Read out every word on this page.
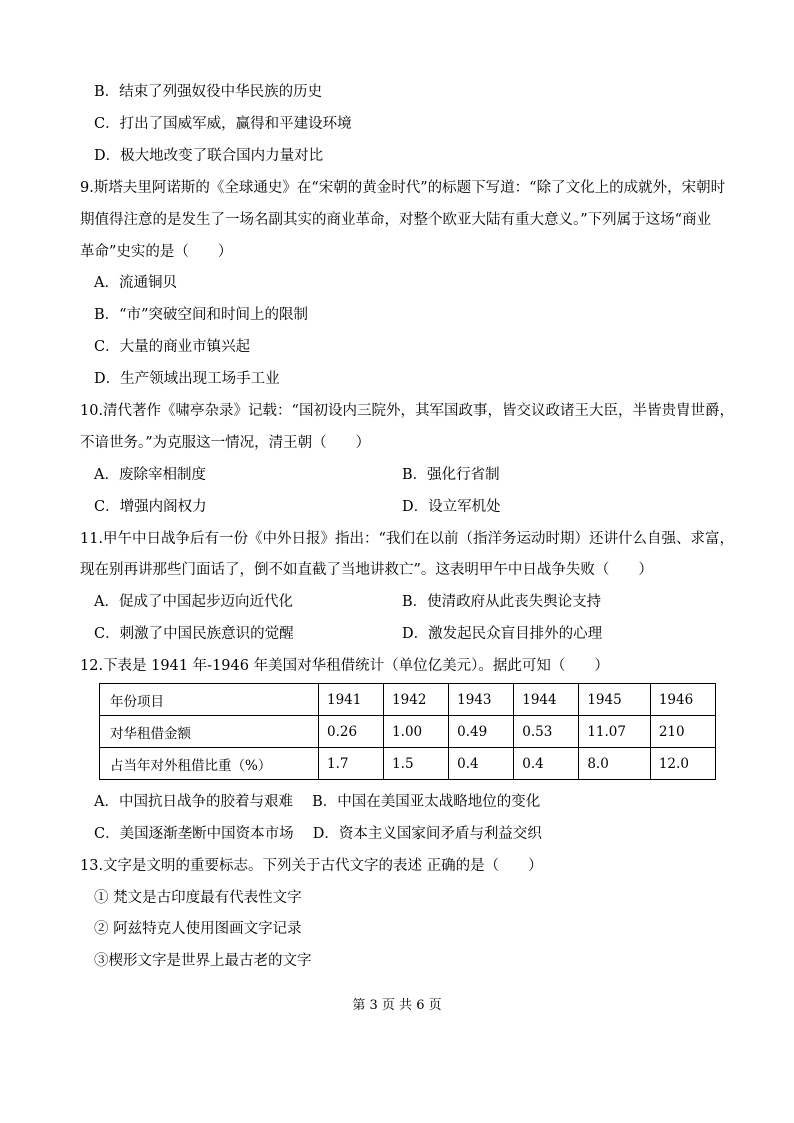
B．结束了列强奴役中华民族的历史
C．打出了国威军威，赢得和平建设环境
D．极大地改变了联合国内力量对比
9.斯塔夫里阿诺斯的《全球通史》在“宋朝的黄金时代”的标题下写道：“除了文化上的成就外，宋朝时
期值得注意的是发生了一场名副其实的商业革命，对整个欧亚大陆有重大意义。”下列属于这场“商业
革命”史实的是（　　）
A．流通铜贝
B．“市”突破空间和时间上的限制
C．大量的商业市镇兴起
D．生产领域出现工场手工业
10.清代著作《啸亭杂录》记载：“国初设内三院外，其军国政事，皆交议政诸王大臣，半皆贵胄世爵，
不谙世务。”为克服这一情况，清王朝（　　）
A．废除宰相制度	B．强化行省制
C．增强内阁权力	D．设立军机处
11.甲午中日战争后有一份《中外日报》指出：“我们在以前（指洋务运动时期）还讲什么自强、求富，
现在别再讲那些门面话了，倒不如直截了当地讲救亡”。这表明甲午中日战争失败（　　）
A．促成了中国起步迈向近代化	B．使清政府从此丧失舆论支持
C．刺激了中国民族意识的觉醒	D．激发起民众盲目排外的心理
12.下表是 1941 年-1946 年美国对华租借统计（单位亿美元）。据此可知（　　）
年份项目	1941	1942	1943	1944	1945	1946
对华租借金额	0.26	1.00	0.49	0.53	11.07	210
占当年对外租借比重（%）	1.7	1.5	0.4	0.4	8.0	12.0
A．中国抗日战争的胶着与艰难　 B．中国在美国亚太战略地位的变化
C．美国逐渐垄断中国资本市场　 D．资本主义国家间矛盾与利益交织
13.文字是文明的重要标志。下列关于古代文字的表述 正确的是（　　）
① 梵文是古印度最有代表性文字
② 阿兹特克人使用图画文字记录
③楔形文字是世界上最古老的文字
第 3 页 共 6 页
